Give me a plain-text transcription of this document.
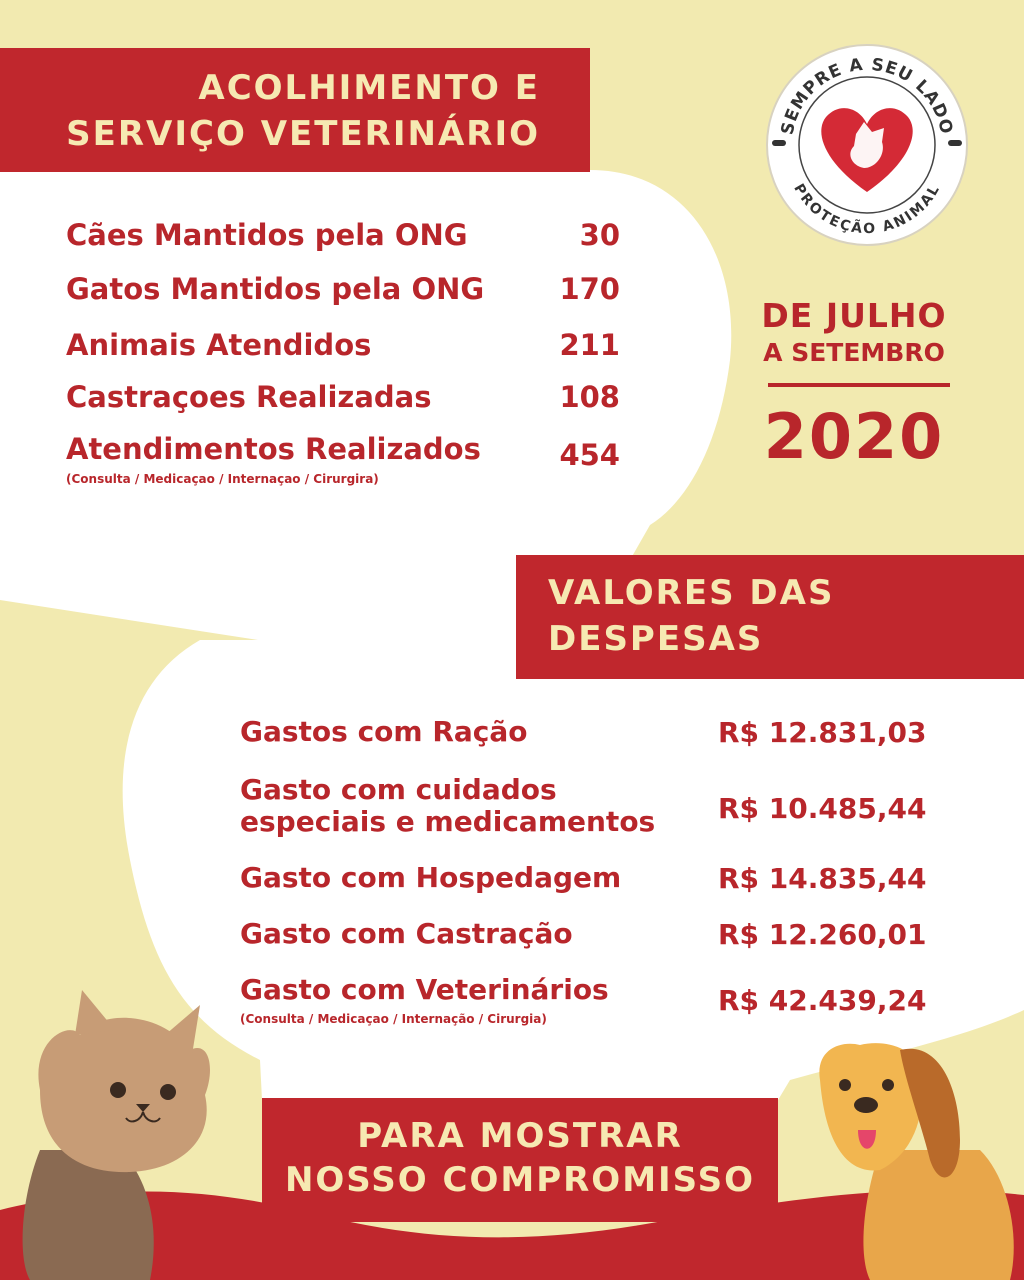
ACOLHIMENTO E
SERVIÇO VETERINÁRIO	SEMPRE A SEU LADO
PROTEÇÃO ANIMAL
Cães Mantidos pela ONG	30
Gatos Mantidos pela ONG	170
Animais Atendidos	211
Castraçoes Realizadas	108
Atendimentos Realizados	454
(Consulta / Medicaçao / Internaçao / Cirurgira)
DE JULHO
A SETEMBRO
2020
VALORES DAS
DESPESAS
Gastos com Ração	R$ 12.831,03
Gasto com cuidados
especiais e medicamentos R$ 10.485,44
Gasto com Hospedagem	R$ 14.835,44
Gasto com Castração	R$ 12.260,01
Gasto com Veterinários	R$ 42.439,24
(Consulta / Medicaçao / Internação / Cirurgia)
PARA MOSTRAR
NOSSO COMPROMISSO
